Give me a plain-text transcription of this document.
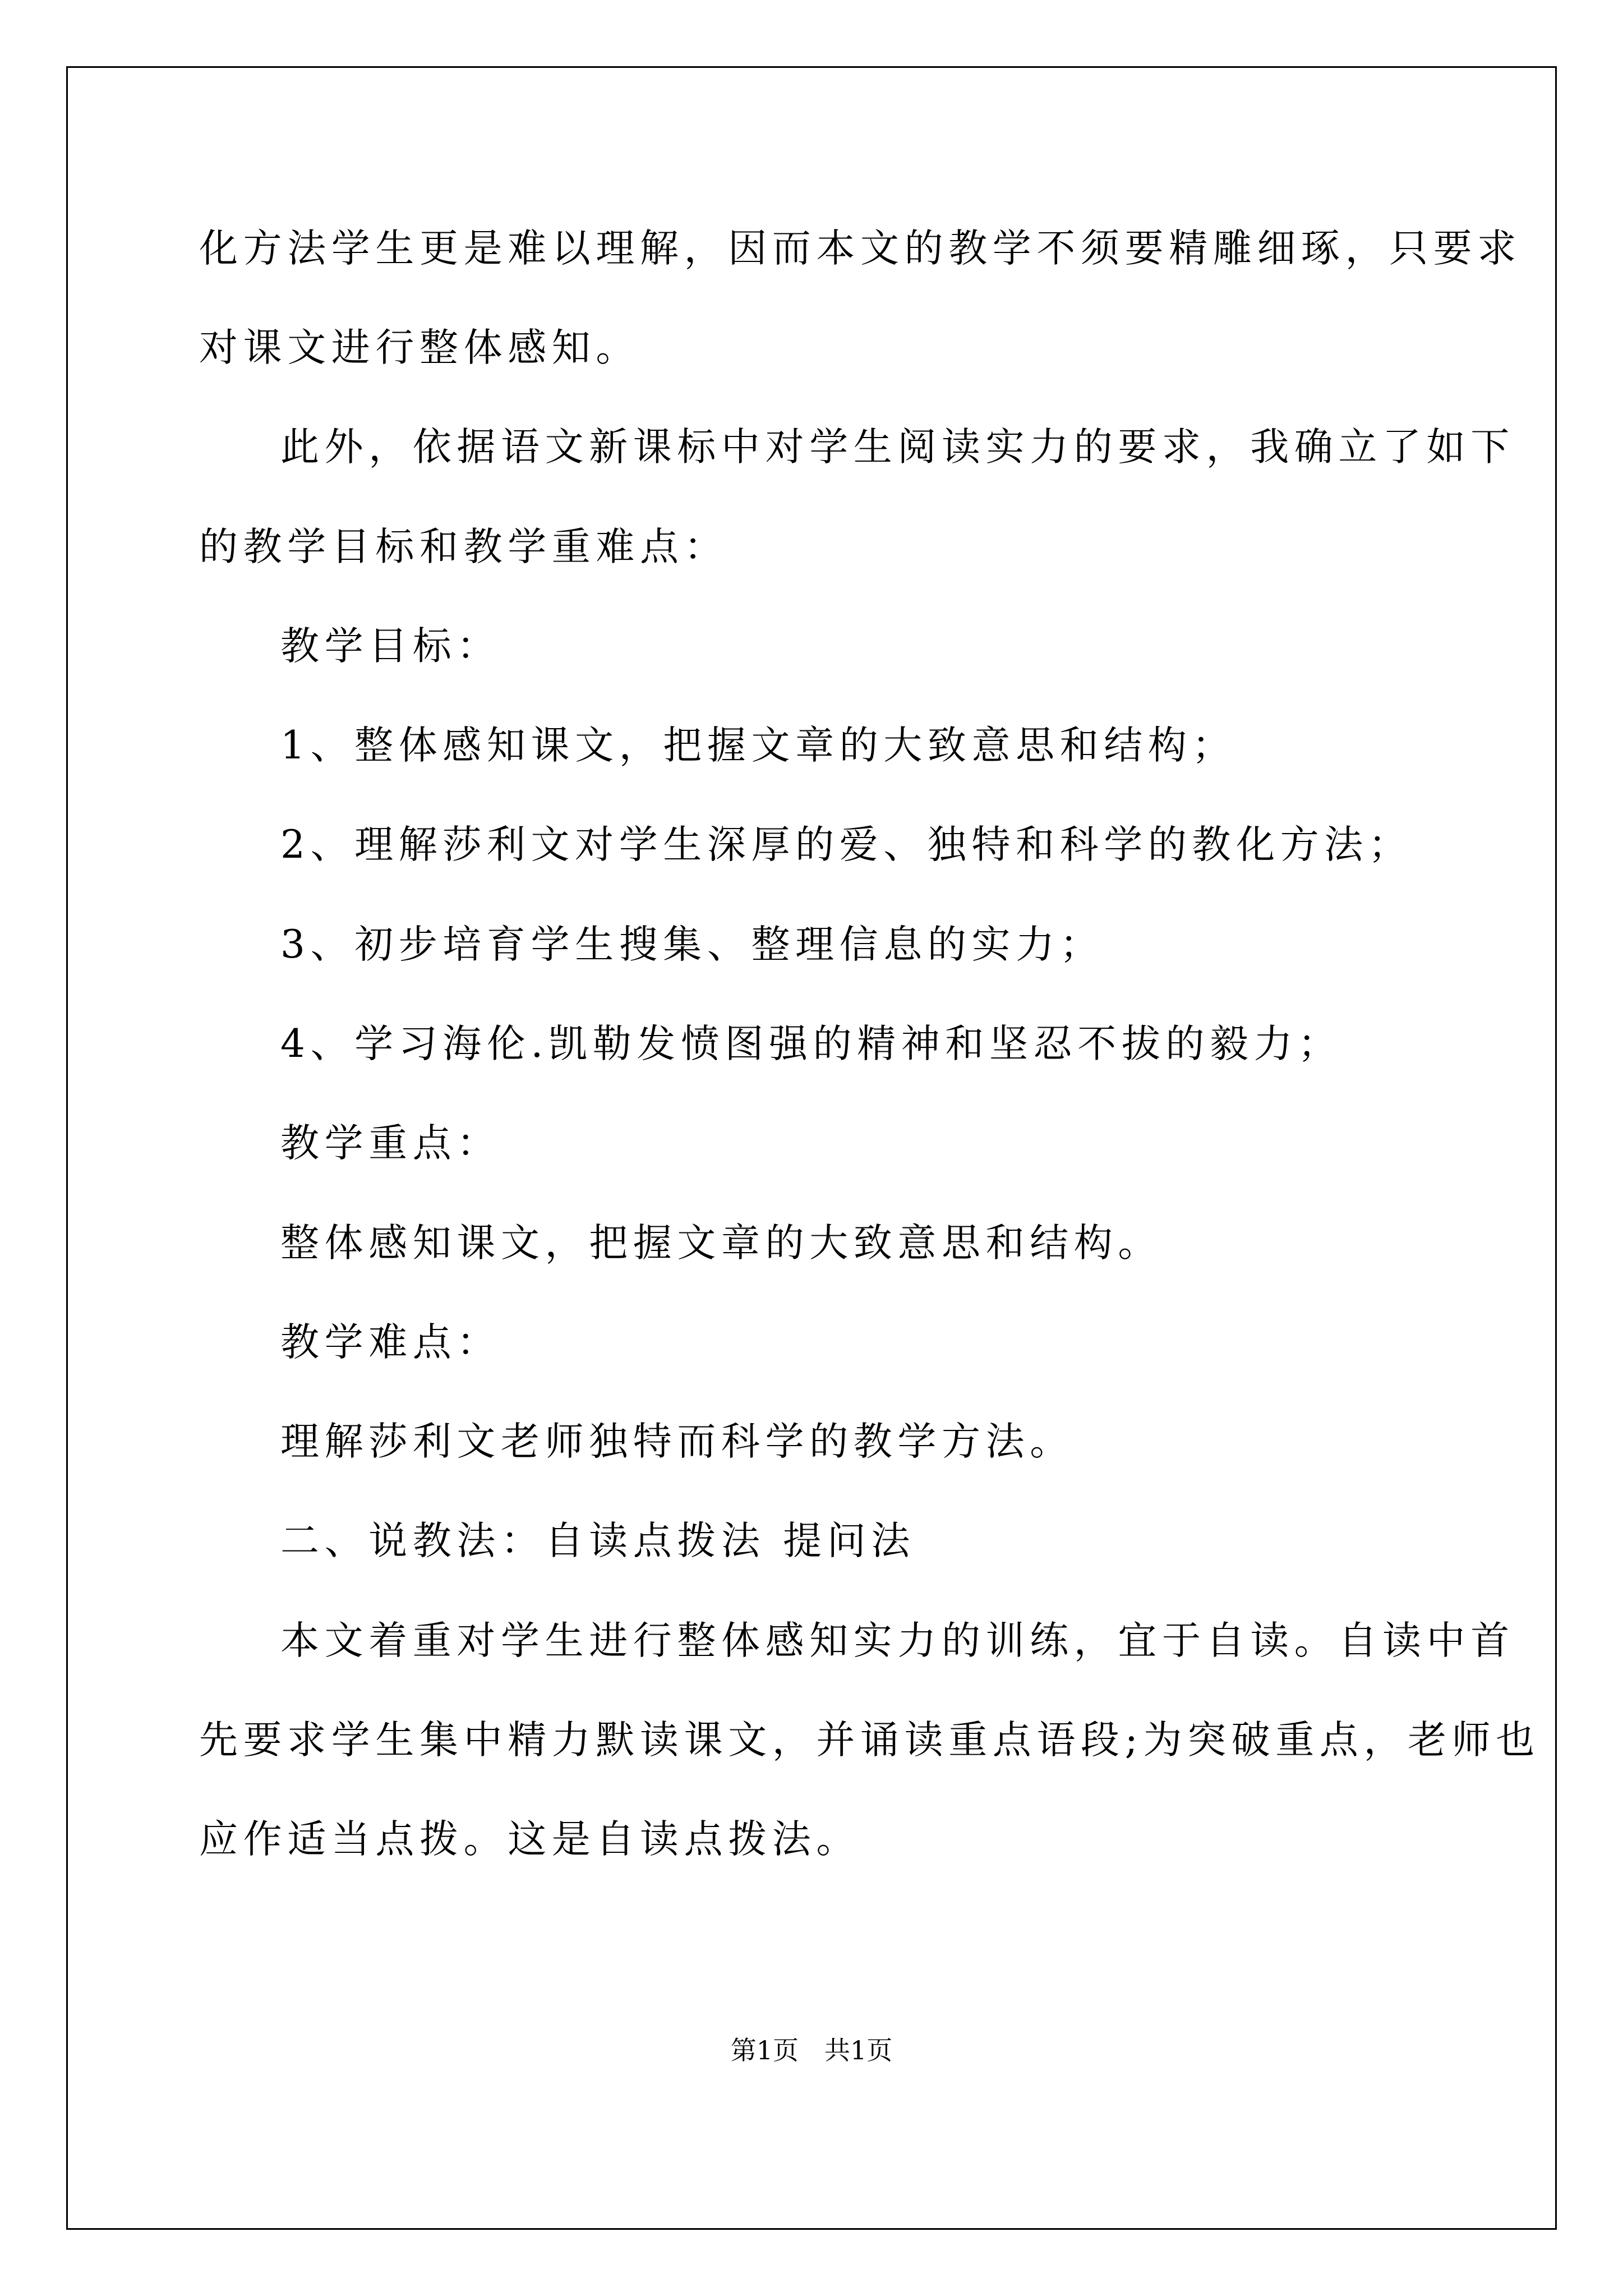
化方法学生更是难以理解，因而本文的教学不须要精雕细琢，只要求

对课文进行整体感知。

此外，依据语文新课标中对学生阅读实力的要求，我确立了如下

的教学目标和教学重难点：

教学目标：

1、整体感知课文，把握文章的大致意思和结构；

2、理解莎利文对学生深厚的爱、独特和科学的教化方法；

3、初步培育学生搜集、整理信息的实力；

4、学习海伦.凯勒发愤图强的精神和坚忍不拔的毅力；

教学重点：

整体感知课文，把握文章的大致意思和结构。

教学难点：

理解莎利文老师独特而科学的教学方法。

二、说教法：自读点拨法 提问法

本文着重对学生进行整体感知实力的训练，宜于自读。自读中首

先要求学生集中精力默读课文，并诵读重点语段;为突破重点，老师也

应作适当点拨。这是自读点拨法。

第1页　共1页
